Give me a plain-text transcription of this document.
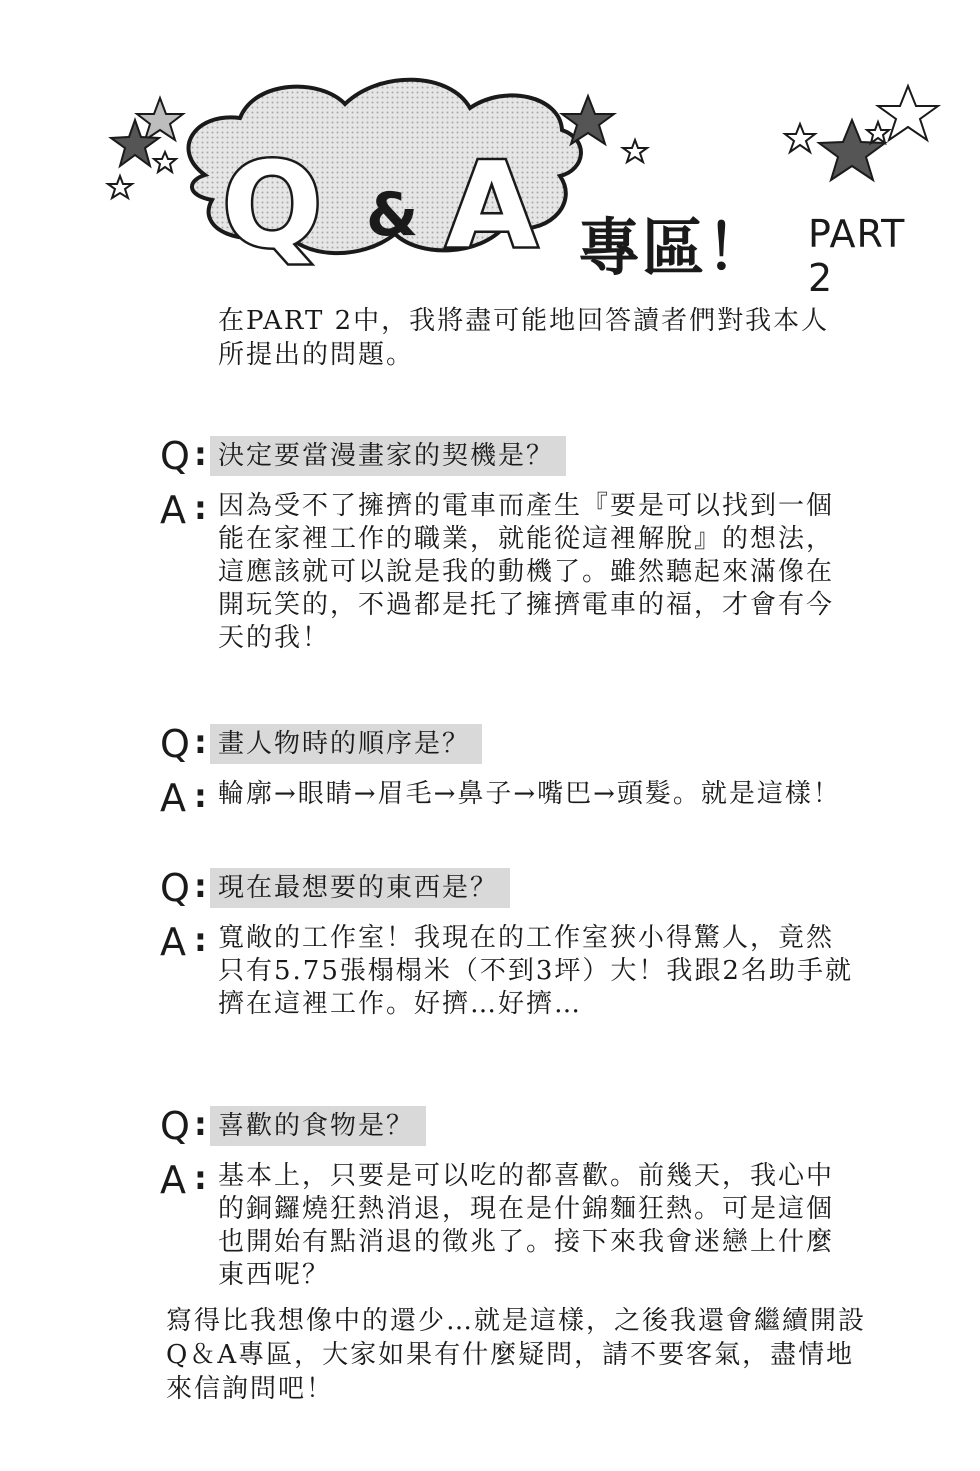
Q & A 專區！ PART 2
在PART 2中，我將盡可能地回答讀者們對我本人所提出的問題。
Q :	決定要當漫畫家的契機是？
A :	因為受不了擁擠的電車而產生『要是可以找到一個能在家裡工作的職業，就能從這裡解脫』的想法，這應該就可以說是我的動機了。雖然聽起來滿像在開玩笑的，不過都是托了擁擠電車的福，才會有今天的我！
Q :	畫人物時的順序是？
A :	輪廓→眼睛→眉毛→鼻子→嘴巴→頭髮。就是這樣！
Q :	現在最想要的東西是？
A :	寬敞的工作室！我現在的工作室狹小得驚人，竟然只有5.75張榻榻米（不到3坪）大！我跟2名助手就擠在這裡工作。好擠…好擠…
Q :	喜歡的食物是？
A :	基本上，只要是可以吃的都喜歡。前幾天，我心中的銅鑼燒狂熱消退，現在是什錦麵狂熱。可是這個也開始有點消退的徵兆了。接下來我會迷戀上什麼東西呢？
寫得比我想像中的還少…就是這樣，之後我還會繼續開設Q＆A專區，大家如果有什麼疑問，請不要客氣，盡情地來信詢問吧！
